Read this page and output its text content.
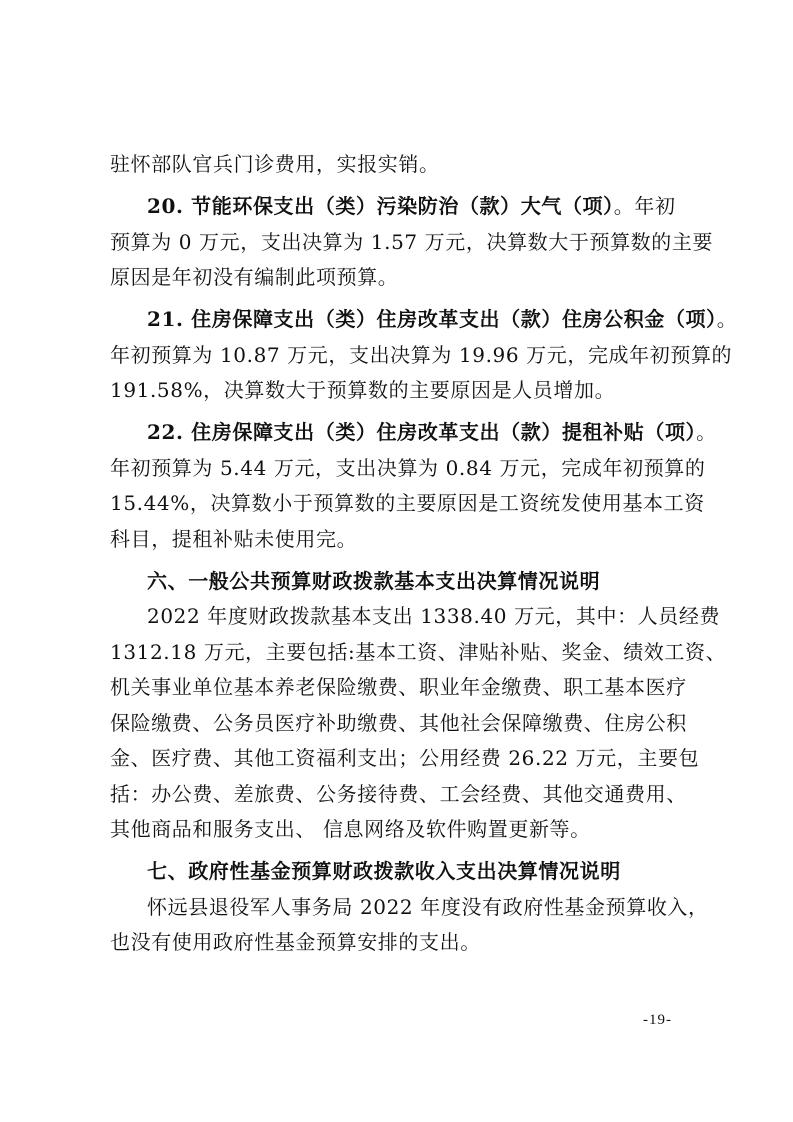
驻怀部队官兵门诊费用，实报实销。
20. 节能环保支出（类）污染防治（款）大气（项）。年初
预算为 0 万元，支出决算为 1.57 万元，决算数大于预算数的主要
原因是年初没有编制此项预算。
21. 住房保障支出（类）住房改革支出（款）住房公积金（项）。
年初预算为 10.87 万元，支出决算为 19.96 万元，完成年初预算的
191.58%，决算数大于预算数的主要原因是人员增加。
22. 住房保障支出（类）住房改革支出（款）提租补贴（项）。
年初预算为 5.44 万元，支出决算为 0.84 万元，完成年初预算的
15.44%，决算数小于预算数的主要原因是工资统发使用基本工资
科目，提租补贴未使用完。
六、一般公共预算财政拨款基本支出决算情况说明
2022 年度财政拨款基本支出 1338.40 万元，其中：人员经费
1312.18 万元，主要包括:基本工资、津贴补贴、奖金、绩效工资、
机关事业单位基本养老保险缴费、职业年金缴费、职工基本医疗
保险缴费、公务员医疗补助缴费、其他社会保障缴费、住房公积
金、医疗费、其他工资福利支出；公用经费 26.22 万元，主要包
括：办公费、差旅费、公务接待费、工会经费、其他交通费用、
其他商品和服务支出、 信息网络及软件购置更新等。
七、政府性基金预算财政拨款收入支出决算情况说明
怀远县退役军人事务局 2022 年度没有政府性基金预算收入，
也没有使用政府性基金预算安排的支出。
-19-
